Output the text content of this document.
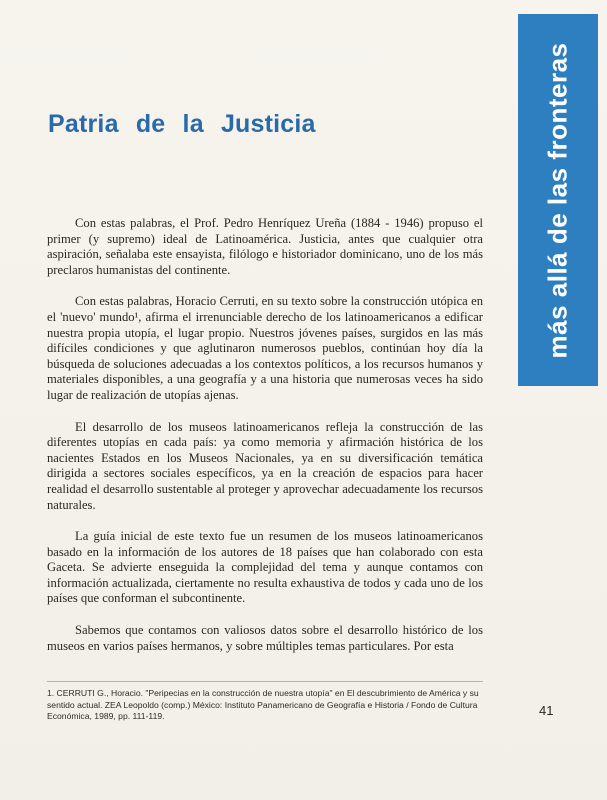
más allá de las fronteras
Patria de la Justicia

Con estas palabras, el Prof. Pedro Henríquez Ureña (1884 - 1946) propuso el primer (y supremo) ideal de Latinoamérica. Justicia, antes que cualquier otra aspiración, señalaba este ensayista, filólogo e historiador dominicano, uno de los más preclaros humanistas del continente.

Con estas palabras, Horacio Cerruti, en su texto sobre la construcción utópica en el 'nuevo' mundo¹, afirma el irrenunciable derecho de los latinoamericanos a edificar nuestra propia utopía, el lugar propio. Nuestros jóvenes países, surgidos en las más difíciles condiciones y que aglutinaron numerosos pueblos, continúan hoy día la búsqueda de soluciones adecuadas a los contextos políticos, a los recursos humanos y materiales disponibles, a una geografía y a una historia que numerosas veces ha sido lugar de realización de utopías ajenas.

El desarrollo de los museos latinoamericanos refleja la construcción de las diferentes utopías en cada país: ya como memoria y afirmación histórica de los nacientes Estados en los Museos Nacionales, ya en su diversificación temática dirigida a sectores sociales específicos, ya en la creación de espacios para hacer realidad el desarrollo sustentable al proteger y aprovechar adecuadamente los recursos naturales.

La guía inicial de este texto fue un resumen de los museos latinoamericanos basado en la información de los autores de 18 países que han colaborado con esta Gaceta. Se advierte enseguida la complejidad del tema y aunque contamos con información actualizada, ciertamente no resulta exhaustiva de todos y cada uno de los países que conforman el subcontinente.

Sabemos que contamos con valiosos datos sobre el desarrollo histórico de los museos en varios países hermanos, y sobre múltiples temas particulares. Por esta

1. CERRUTI G., Horacio. "Peripecias en la construcción de nuestra utopía" en El descubrimiento de América y su sentido actual. ZEA Leopoldo (comp.) México: Instituto Panamericano de Geografía e Historia / Fondo de Cultura Económica, 1989, pp. 111-119.	41
